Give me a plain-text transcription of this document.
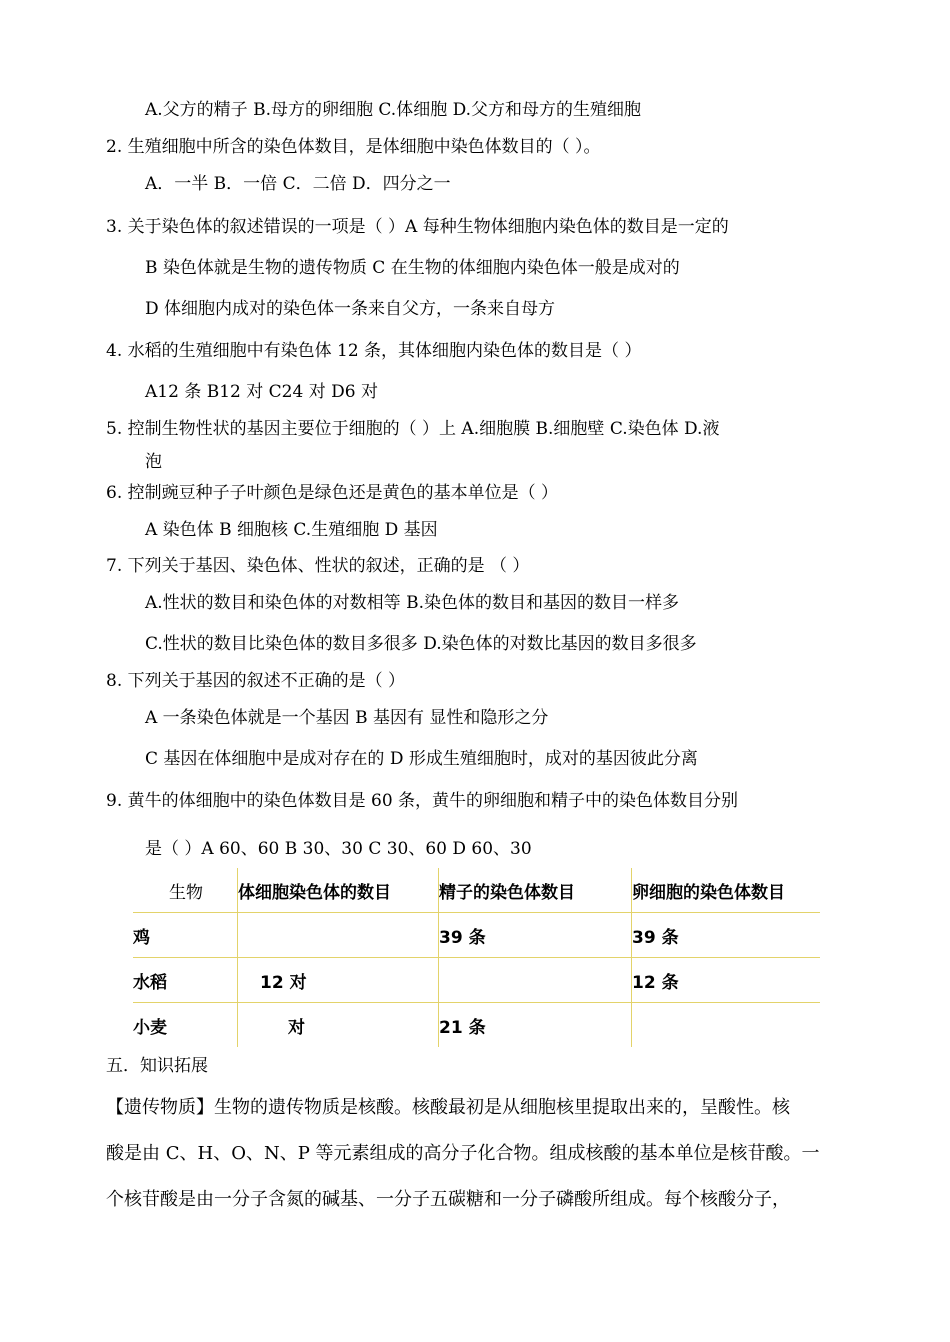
A.父方的精子 B.母方的卵细胞 C.体细胞 D.父方和母方的生殖细胞
2. 生殖细胞中所含的染色体数目，是体细胞中染色体数目的（ ）。
A．一半 B．一倍 C．二倍 D．四分之一
3. 关于染色体的叙述错误的一项是（ ）A 每种生物体细胞内染色体的数目是一定的
B 染色体就是生物的遗传物质 C 在生物的体细胞内染色体一般是成对的
D 体细胞内成对的染色体一条来自父方，一条来自母方
4. 水稻的生殖细胞中有染色体 12 条，其体细胞内染色体的数目是（ ）
A12 条 B12 对 C24 对 D6 对
5. 控制生物性状的基因主要位于细胞的（ ）上 A.细胞膜 B.细胞壁 C.染色体 D.液
泡
6. 控制豌豆种子子叶颜色是绿色还是黄色的基本单位是（ ）
A 染色体 B 细胞核 C.生殖细胞 D 基因
7. 下列关于基因、染色体、性状的叙述，正确的是 （ ）
A.性状的数目和染色体的对数相等 B.染色体的数目和基因的数目一样多
C.性状的数目比染色体的数目多很多 D.染色体的对数比基因的数目多很多
8. 下列关于基因的叙述不正确的是（ ）
A 一条染色体就是一个基因 B 基因有 显性和隐形之分
C 基因在体细胞中是成对存在的 D 形成生殖细胞时，成对的基因彼此分离
9. 黄牛的体细胞中的染色体数目是 60 条，黄牛的卵细胞和精子中的染色体数目分别
是（ ）A 60、60 B 30、30 C 30、60 D 60、30
生物	体细胞染色体的数目	精子的染色体数目	卵细胞的染色体数目
鸡		39 条	39 条
水稻	12 对		12 条
小麦	对	21 条	
五．知识拓展
【遗传物质】生物的遗传物质是核酸。核酸最初是从细胞核里提取出来的，呈酸性。核
酸是由 C、H、O、N、P 等元素组成的高分子化合物。组成核酸的基本单位是核苷酸。一
个核苷酸是由一分子含氮的碱基、一分子五碳糖和一分子磷酸所组成。每个核酸分子，
